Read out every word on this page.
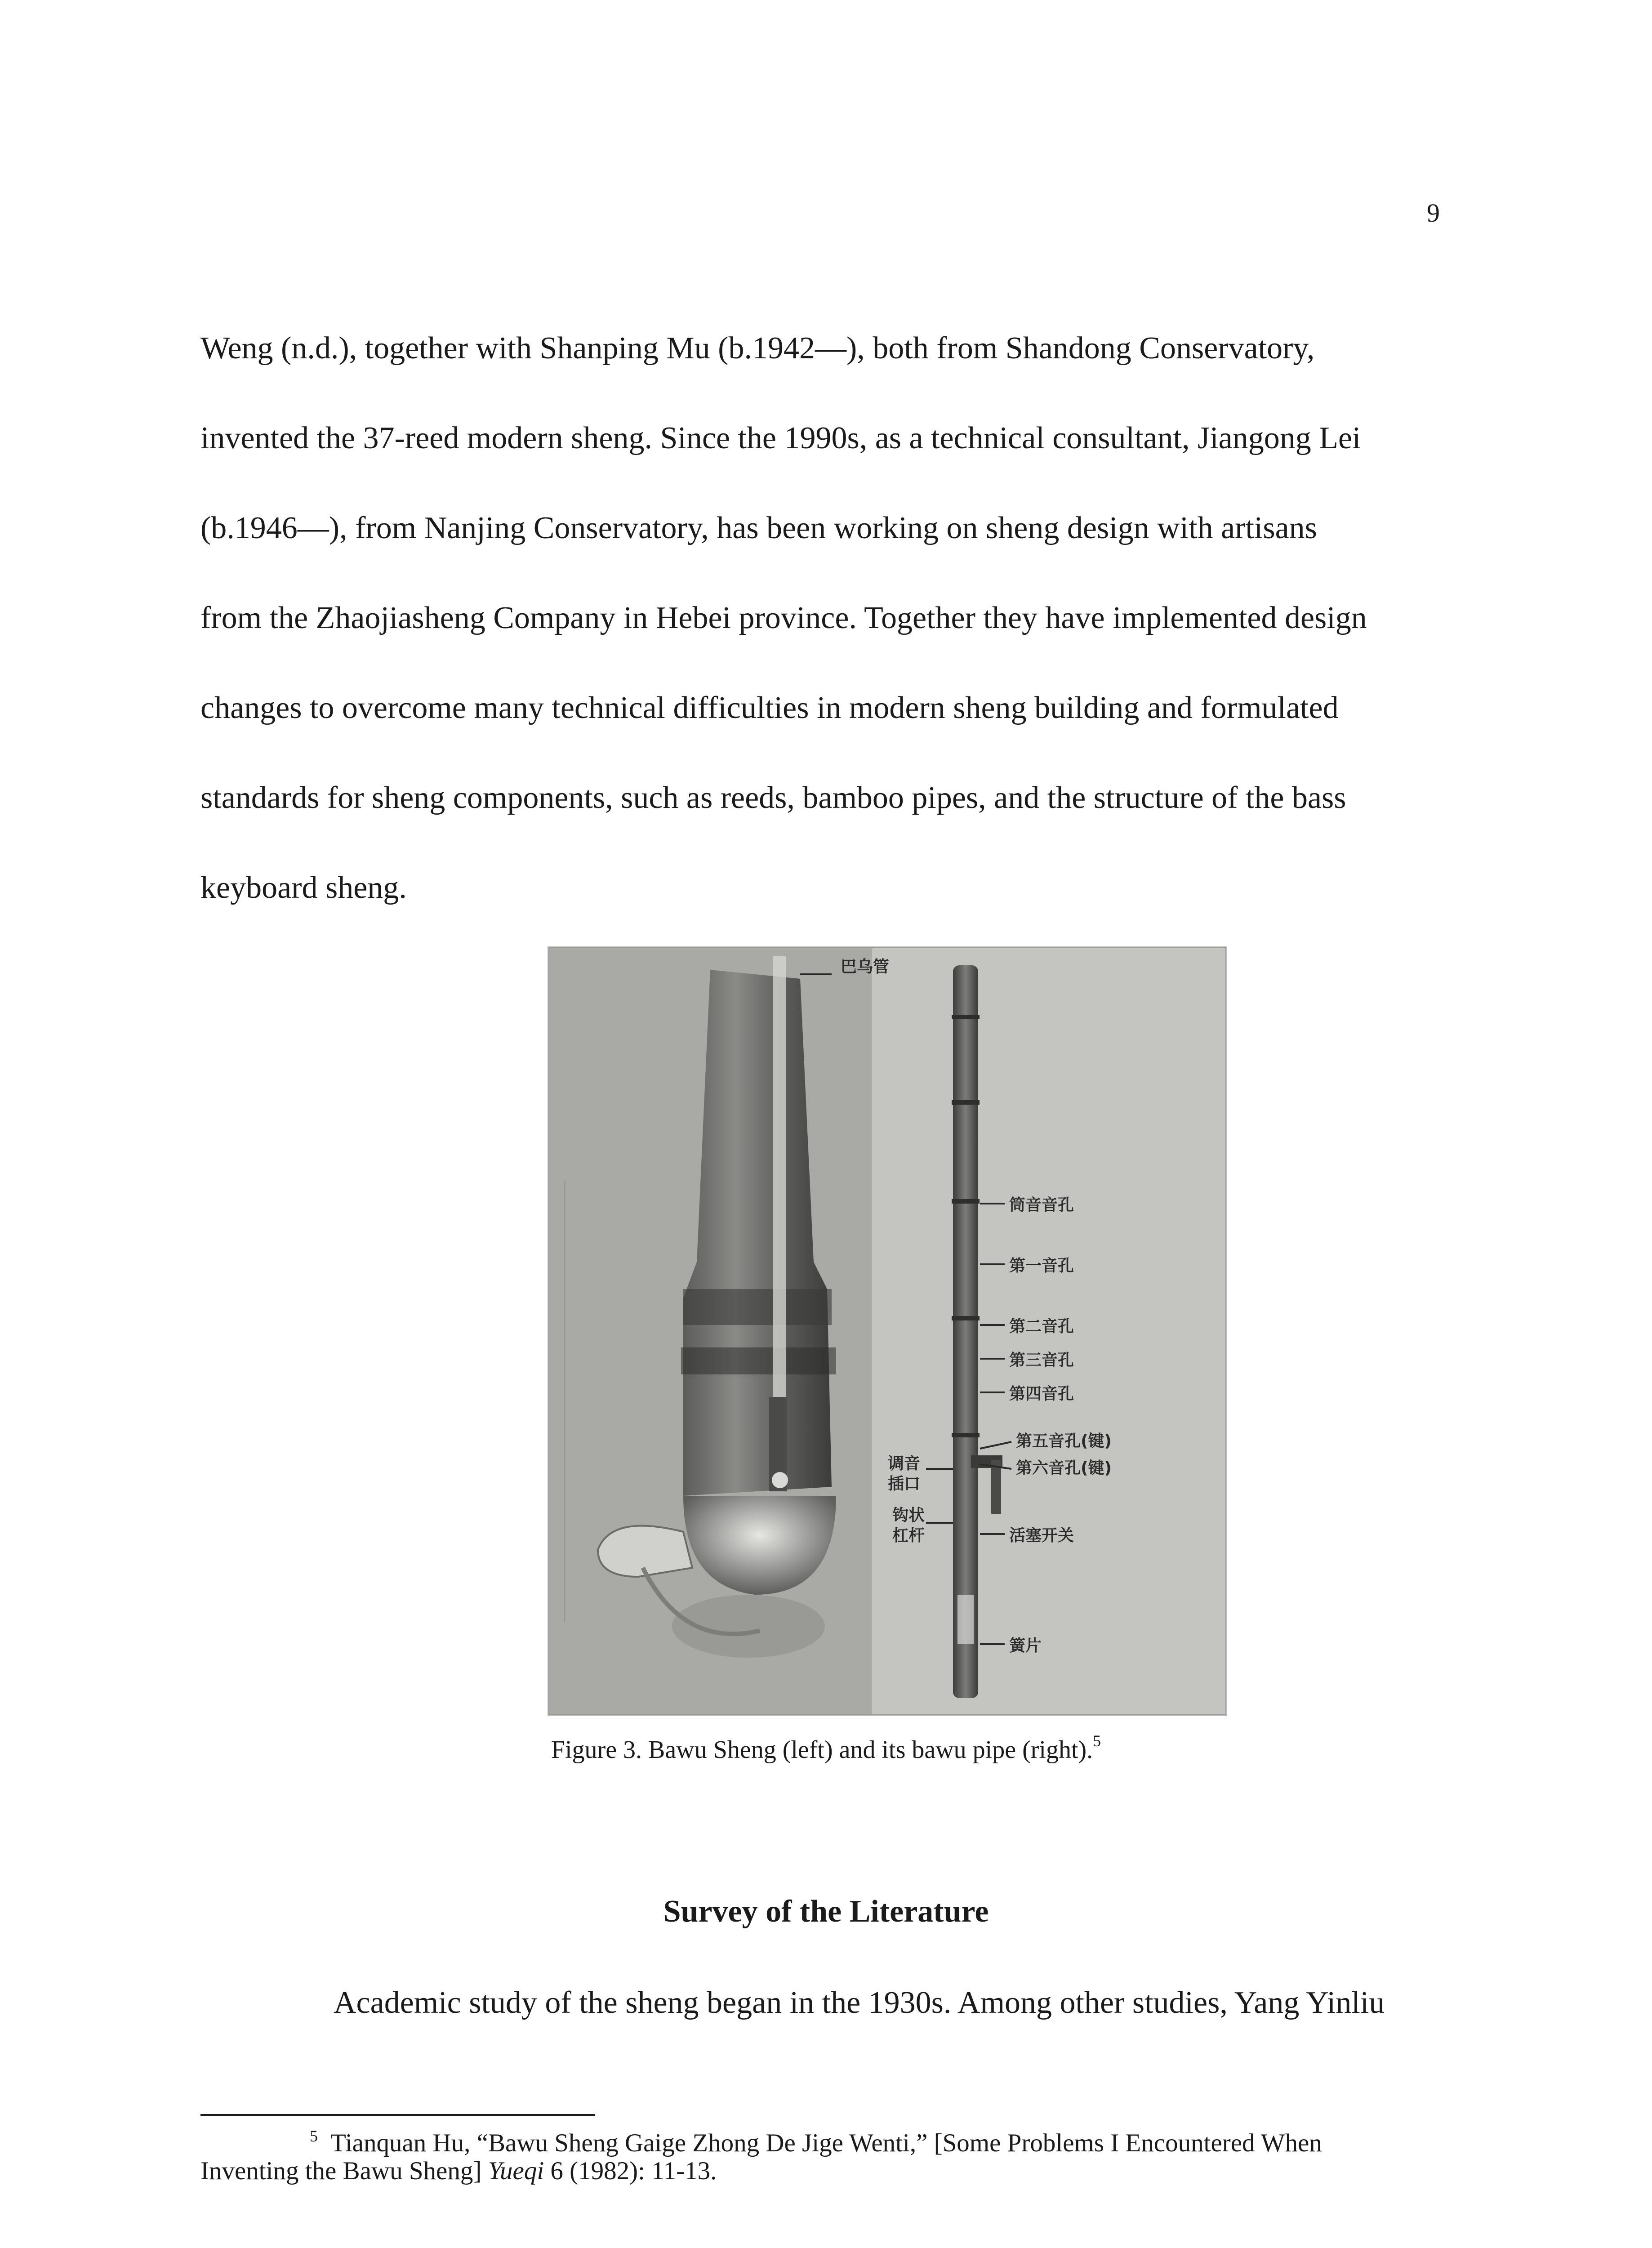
9
Weng (n.d.), together with Shanping Mu (b.1942—), both from Shandong Conservatory,
invented the 37-reed modern sheng. Since the 1990s, as a technical consultant, Jiangong Lei
(b.1946—), from Nanjing Conservatory, has been working on sheng design with artisans
from the Zhaojiasheng Company in Hebei province. Together they have implemented design
changes to overcome many technical difficulties in modern sheng building and formulated
standards for sheng components, such as reeds, bamboo pipes, and the structure of the bass
keyboard sheng.
巴乌管
筒音音孔
第一音孔
第二音孔
第三音孔
第四音孔
第五音孔(键)
第六音孔(键)
活塞开关
簧片
调音
插口
钩状
杠杆
Figure 3. Bawu Sheng (left) and its bawu pipe (right).$^5$
Survey of the Literature
Academic study of the sheng began in the 1930s. Among other studies, Yang Yinliu
$^5$ Tianquan Hu, “Bawu Sheng Gaige Zhong De Jige Wenti,” [Some Problems I Encountered When
Inventing the Bawu Sheng] Yueqi 6 (1982): 11-13.
